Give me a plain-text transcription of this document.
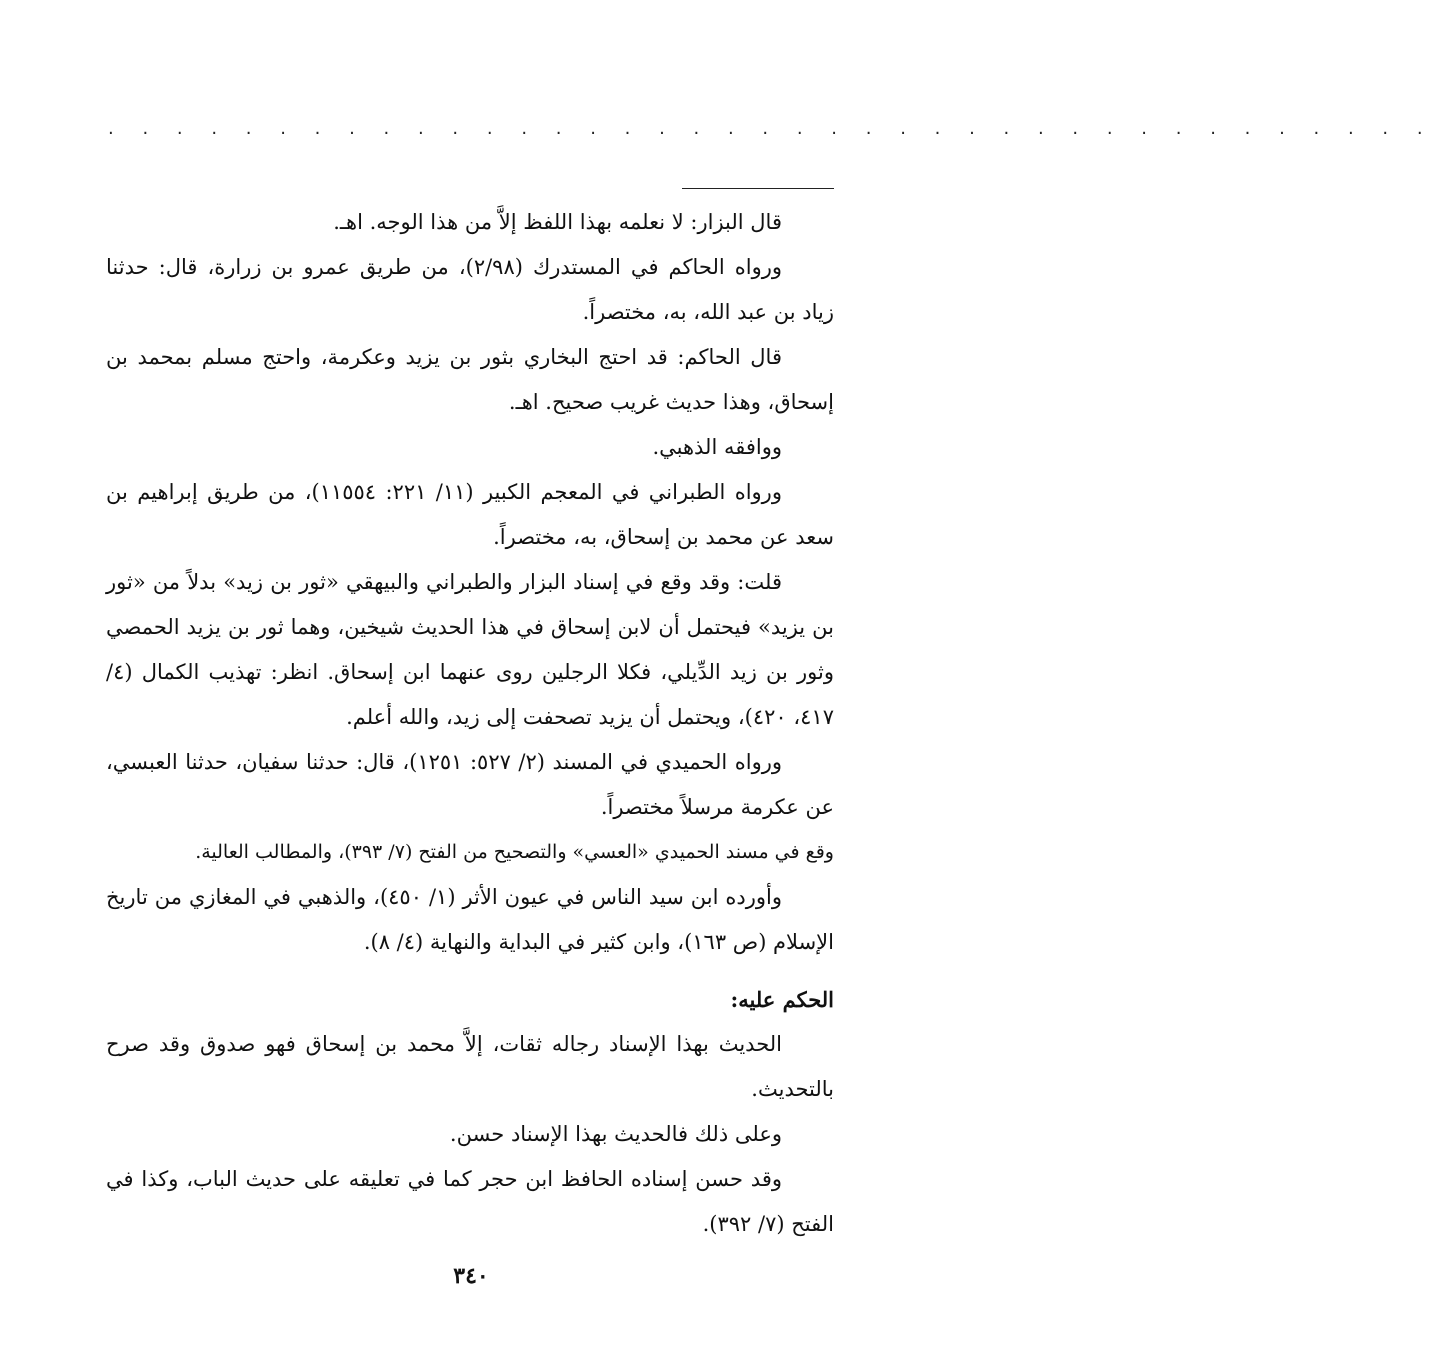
. . . . . . . . . . . . . . . . . . . . . . . . . . . . . . . . . . . . . . .

قال البزار: لا نعلمه بهذا اللفظ إلاَّ من هذا الوجه. اهـ.

ورواه الحاكم في المستدرك (٢/٩٨)، من طريق عمرو بن زرارة، قال: حدثنا زياد بن عبد الله، به، مختصراً.

قال الحاكم: قد احتج البخاري بثور بن يزيد وعكرمة، واحتج مسلم بمحمد بن إسحاق، وهذا حديث غريب صحيح. اهـ.

ووافقه الذهبي.

ورواه الطبراني في المعجم الكبير (١١/ ٢٢١: ١١٥٥٤)، من طريق إبراهيم بن سعد عن محمد بن إسحاق، به، مختصراً.

قلت: وقد وقع في إسناد البزار والطبراني والبيهقي «ثور بن زيد» بدلاً من «ثور بن يزيد» فيحتمل أن لابن إسحاق في هذا الحديث شيخين، وهما ثور بن يزيد الحمصي وثور بن زيد الدِّيلي، فكلا الرجلين روى عنهما ابن إسحاق. انظر: تهذيب الكمال (٤/ ٤١٧، ٤٢٠)، ويحتمل أن يزيد تصحفت إلى زيد، والله أعلم.

ورواه الحميدي في المسند (٢/ ٥٢٧: ١٢٥١)، قال: حدثنا سفيان، حدثنا العبسي، عن عكرمة مرسلاً مختصراً.

وقع في مسند الحميدي «العسي» والتصحيح من الفتح (٧/ ٣٩٣)، والمطالب العالية.

وأورده ابن سيد الناس في عيون الأثر (١/ ٤٥٠)، والذهبي في المغازي من تاريخ الإسلام (ص ١٦٣)، وابن كثير في البداية والنهاية (٤/ ٨).

الحكم عليه:

الحديث بهذا الإسناد رجاله ثقات، إلاَّ محمد بن إسحاق فهو صدوق وقد صرح بالتحديث.

وعلى ذلك فالحديث بهذا الإسناد حسن.

وقد حسن إسناده الحافظ ابن حجر كما في تعليقه على حديث الباب، وكذا في الفتح (٧/ ٣٩٢).

٣٤٠
